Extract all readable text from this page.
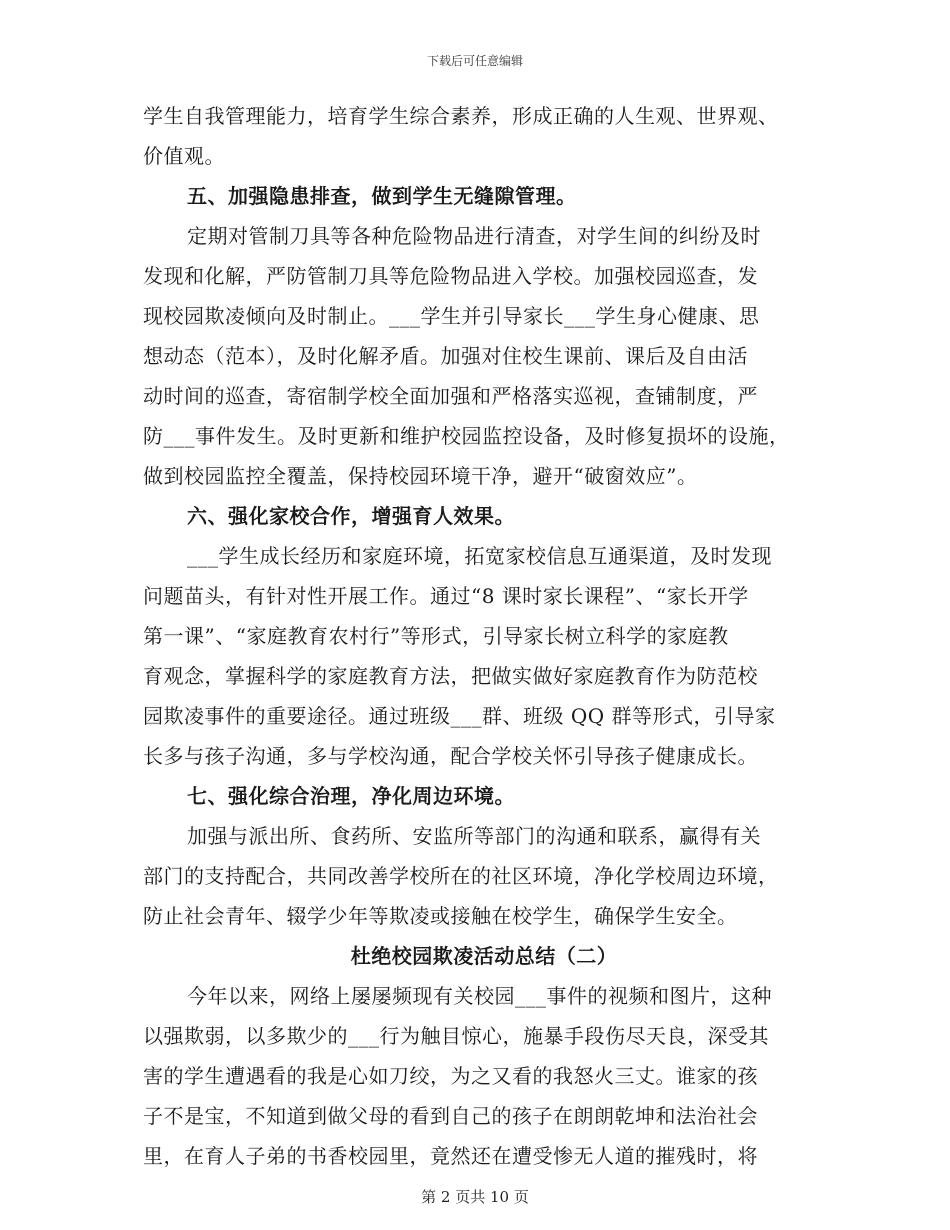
下载后可任意编辑
学生自我管理能力，培育学生综合素养，形成正确的人生观、世界观、
价值观。
五、加强隐患排查，做到学生无缝隙管理。
定期对管制刀具等各种危险物品进行清查，对学生间的纠纷及时
发现和化解，严防管制刀具等危险物品进入学校。加强校园巡查，发
现校园欺凌倾向及时制止。___学生并引导家长___学生身心健康、思
想动态（范本），及时化解矛盾。加强对住校生课前、课后及自由活
动时间的巡查，寄宿制学校全面加强和严格落实巡视，查铺制度，严
防___事件发生。及时更新和维护校园监控设备，及时修复损坏的设施，
做到校园监控全覆盖，保持校园环境干净，避开“破窗效应”。
六、强化家校合作，增强育人效果。
___学生成长经历和家庭环境，拓宽家校信息互通渠道，及时发现
问题苗头，有针对性开展工作。通过“8 课时家长课程”、“家长开学
第一课”、“家庭教育农村行”等形式，引导家长树立科学的家庭教
育观念，掌握科学的家庭教育方法，把做实做好家庭教育作为防范校
园欺凌事件的重要途径。通过班级___群、班级 QQ 群等形式，引导家
长多与孩子沟通，多与学校沟通，配合学校关怀引导孩子健康成长。
七、强化综合治理，净化周边环境。
加强与派出所、食药所、安监所等部门的沟通和联系，赢得有关
部门的支持配合，共同改善学校所在的社区环境，净化学校周边环境，
防止社会青年、辍学少年等欺凌或接触在校学生，确保学生安全。
杜绝校园欺凌活动总结（二）
今年以来，网络上屡屡频现有关校园___事件的视频和图片，这种
以强欺弱，以多欺少的___行为触目惊心，施暴手段伤尽天良，深受其
害的学生遭遇看的我是心如刀绞，为之又看的我怒火三丈。谁家的孩
子不是宝，不知道到做父母的看到自己的孩子在朗朗乾坤和法治社会
里，在育人子弟的书香校园里，竟然还在遭受惨无人道的摧残时，将
第 2 页共 10 页
